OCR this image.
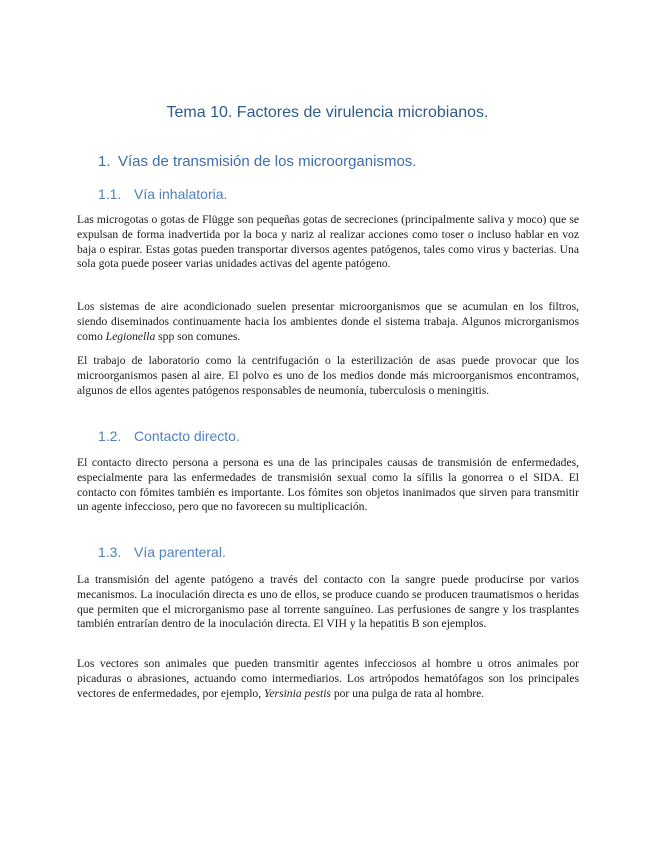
Tema 10. Factores de virulencia microbianos.
1. Vías de transmisión de los microorganismos.
1.1. Vía inhalatoria.

Las microgotas o gotas de Flügge son pequeñas gotas de secreciones (principalmente saliva y moco) que se expulsan de forma inadvertida por la boca y nariz al realizar acciones como toser o incluso hablar en voz baja o espirar. Estas gotas pueden transportar diversos agentes patógenos, tales como virus y bacterias. Una sola gota puede poseer varias unidades activas del agente patógeno.

Los sistemas de aire acondicionado suelen presentar microorganismos que se acumulan en los filtros, siendo diseminados continuamente hacia los ambientes donde el sistema trabaja. Algunos microrganismos como Legionella spp son comunes.

El trabajo de laboratorio como la centrifugación o la esterilización de asas puede provocar que los microorganismos pasen al aire. El polvo es uno de los medios donde más microorganismos encontramos, algunos de ellos agentes patógenos responsables de neumonía, tuberculosis o meningitis.

1.2. Contacto directo.

El contacto directo persona a persona es una de las principales causas de transmisión de enfermedades, especialmente para las enfermedades de transmisión sexual como la sífilis la gonorrea o el SIDA. El contacto con fómites también es importante. Los fómites son objetos inanimados que sirven para transmitir un agente infeccioso, pero que no favorecen su multiplicación.

1.3. Vía parenteral.

La transmisión del agente patógeno a través del contacto con la sangre puede producirse por varios mecanismos. La inoculación directa es uno de ellos, se produce cuando se producen traumatismos o heridas que permiten que el microrganismo pase al torrente sanguíneo. Las perfusiones de sangre y los trasplantes también entrarían dentro de la inoculación directa. El VIH y la hepatitis B son ejemplos.

Los vectores son animales que pueden transmitir agentes infecciosos al hombre u otros animales por picaduras o abrasiones, actuando como intermediarios. Los artrópodos hematófagos son los principales vectores de enfermedades, por ejemplo, Yersinia pestis por una pulga de rata al hombre.
